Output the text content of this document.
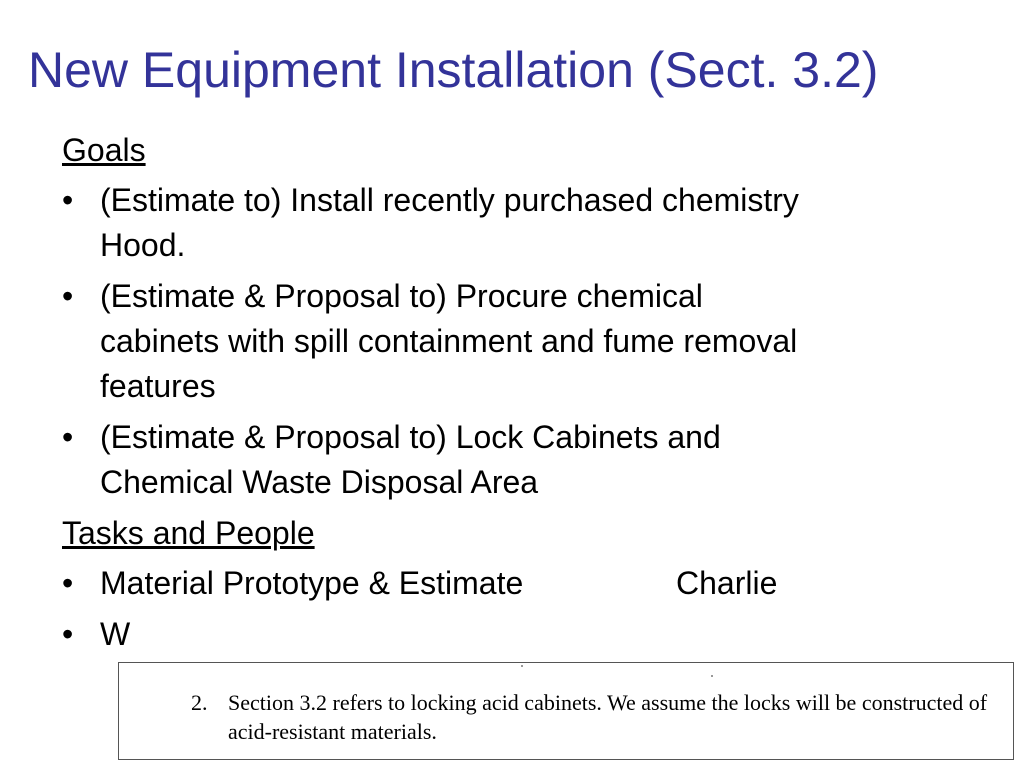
New Equipment Installation (Sect. 3.2)
Goals
• (Estimate to) Install recently purchased chemistry
Hood.
• (Estimate & Proposal to) Procure chemical
cabinets with spill containment and fume removal
features
• (Estimate & Proposal to) Lock Cabinets and
Chemical Waste Disposal Area
Tasks and People
• Material Prototype & Estimate	Charlie
• W
2. Section 3.2 refers to locking acid cabinets. We assume the locks will be constructed of acid-resistant materials.
